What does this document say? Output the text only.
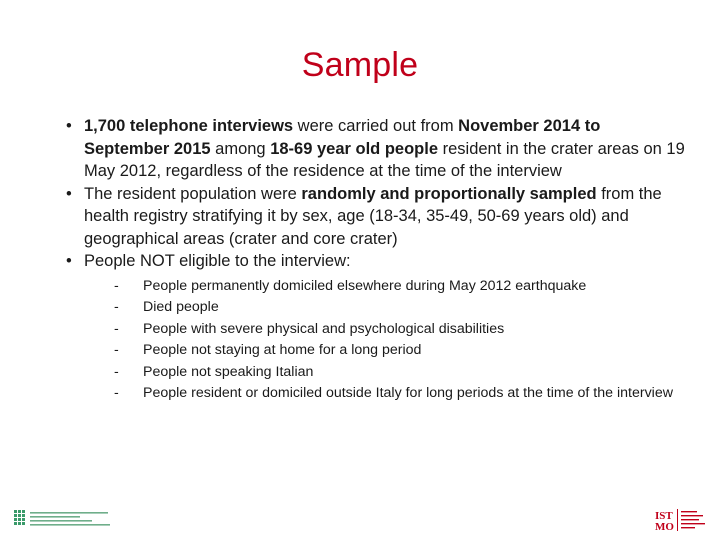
Sample
• 1,700 telephone interviews were carried out from November 2014 to September 2015 among 18-69 year old people resident in the crater areas on 19 May 2012, regardless of the residence at the time of the interview
• The resident population were randomly and proportionally sampled from the health registry stratifying it by sex, age (18-34, 35-49, 50-69 years old) and geographical areas (crater and core crater)
• People NOT eligible to the interview:
- People permanently domiciled elsewhere during May 2012 earthquake
- Died people
- People with severe physical and psychological disabilities
- People not staying at home for a long period
- People not speaking Italian
- People resident or domiciled outside Italy for long periods at the time of the interview
IST
MO
